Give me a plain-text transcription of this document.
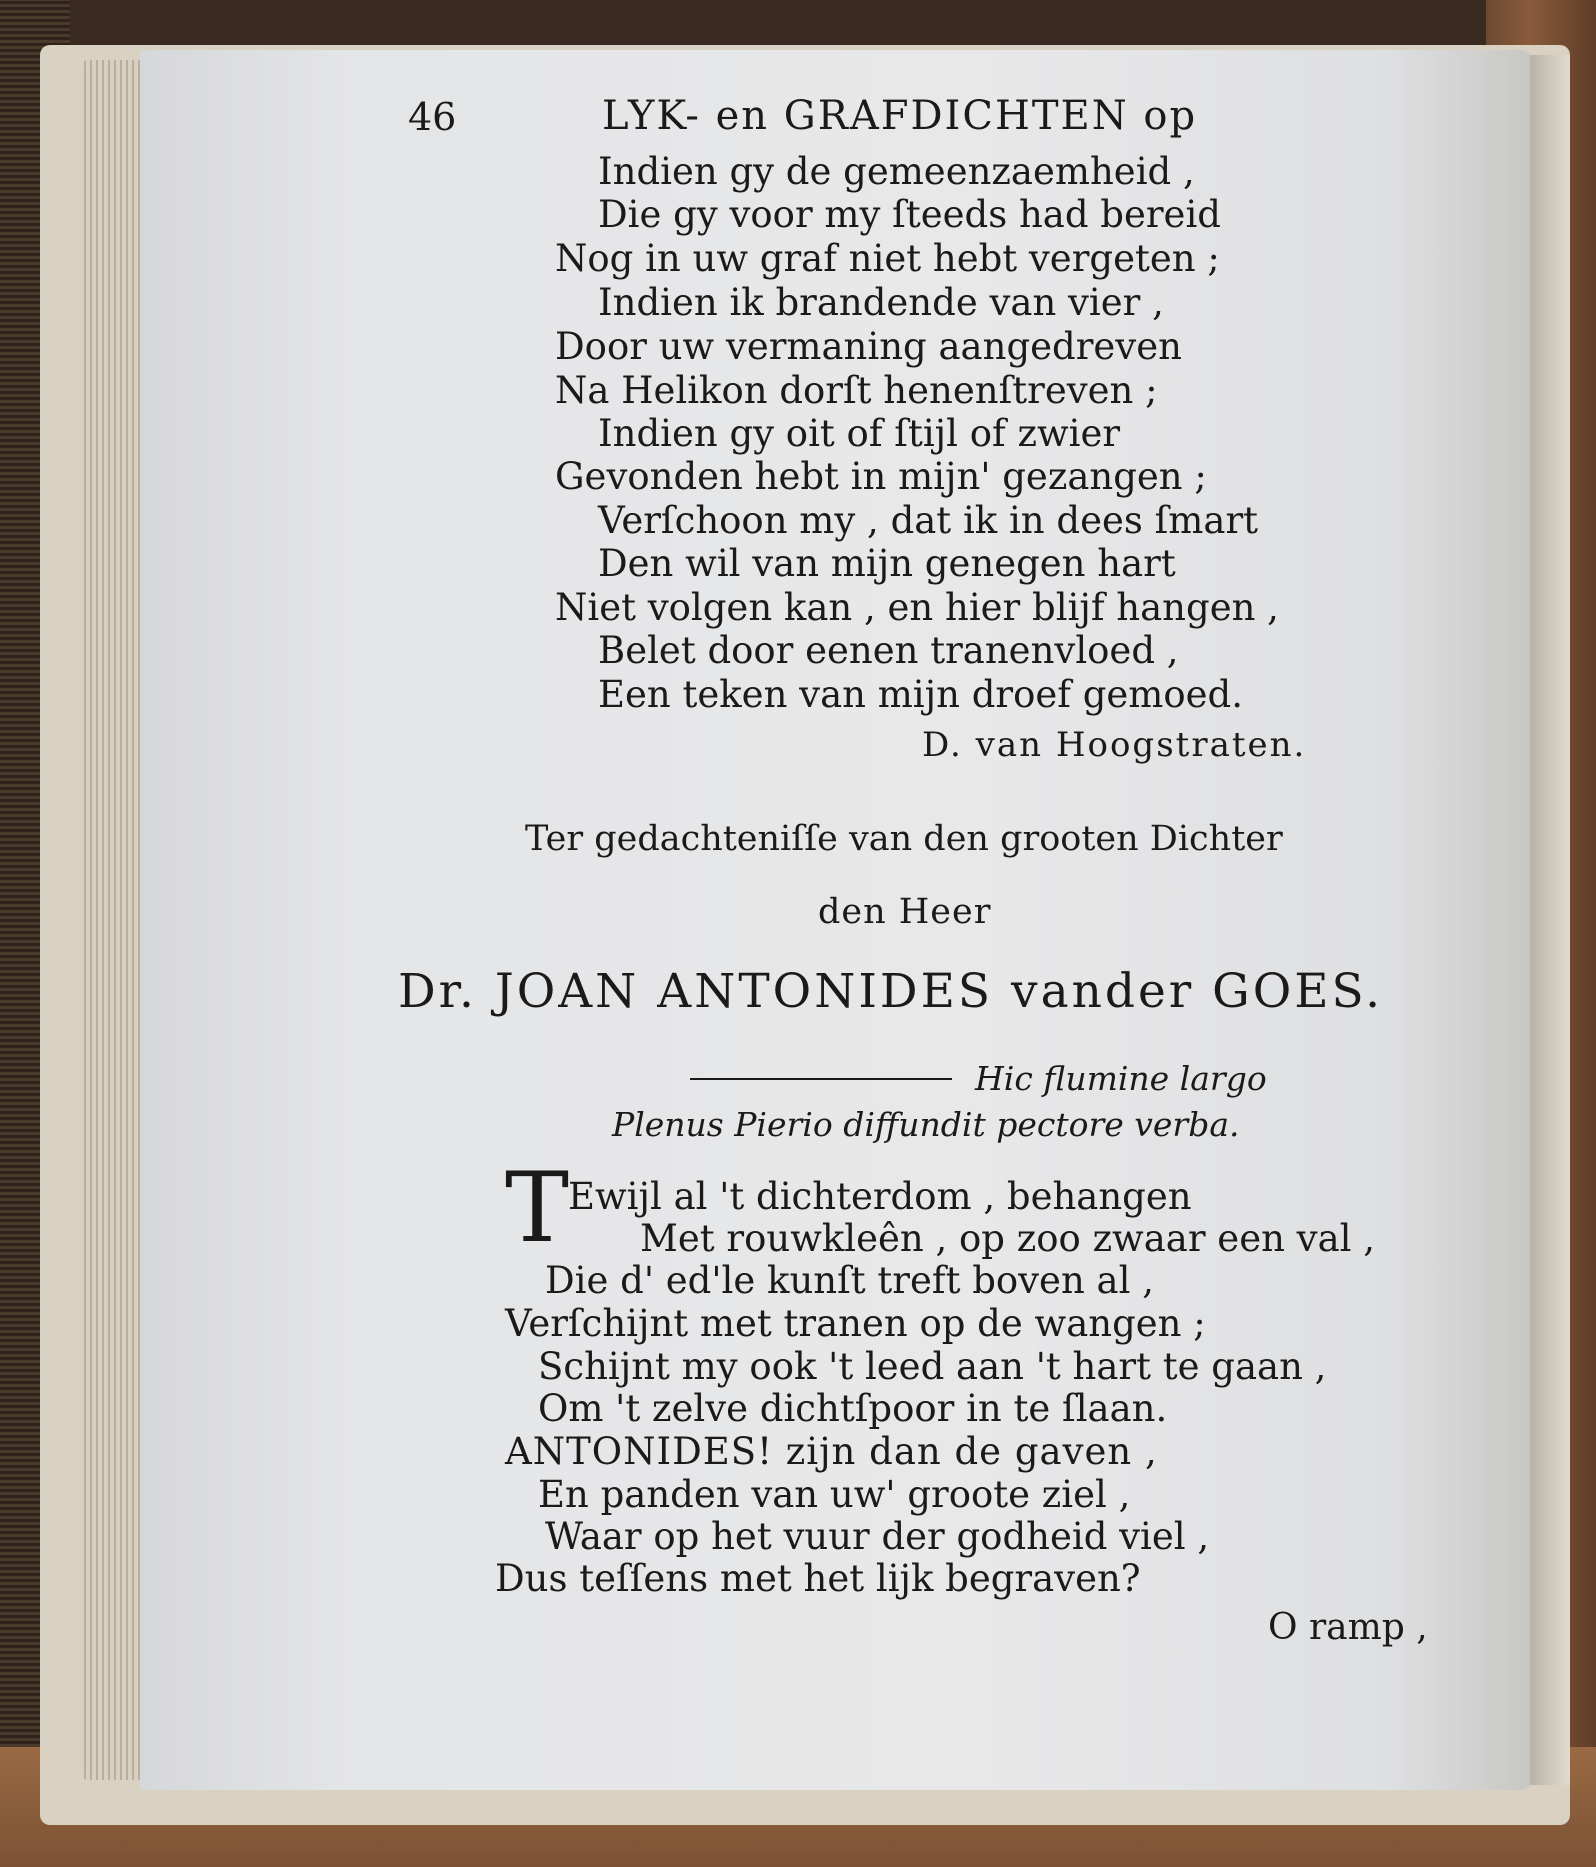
46	LYK- en GRAFDICHTEN op
Indien gy de gemeenzaemheid ,
Die gy voor my ſteeds had bereid
Nog in uw graf niet hebt vergeten ;
Indien ik brandende van vier ,
Door uw vermaning aangedreven
Na Helikon dorſt henenſtreven ;
Indien gy oit of ſtijl of zwier
Gevonden hebt in mijn' gezangen ;
Verſchoon my , dat ik in dees ſmart
Den wil van mijn genegen hart
Niet volgen kan , en hier blijf hangen ,
Belet door eenen tranenvloed ,
Een teken van mijn droef gemoed.
D. van Hoogstraten.
Ter gedachteniſſe van den grooten Dichter
den Heer
Dr. JOAN ANTONIDES vander GOES.
Hic flumine largo
Plenus Pierio diffundit pectore verba.
T
Ewijl al 't dichterdom , behangen
Met rouwkleên , op zoo zwaar een val ,
Die d' ed'le kunſt treft boven al ,
Verſchijnt met tranen op de wangen ;
Schijnt my ook 't leed aan 't hart te gaan ,
Om 't zelve dichtſpoor in te ſlaan.
ANTONIDES! zijn dan de gaven ,
En panden van uw' groote ziel ,
Waar op het vuur der godheid viel ,
Dus teſſens met het lijk begraven?
O ramp ,
